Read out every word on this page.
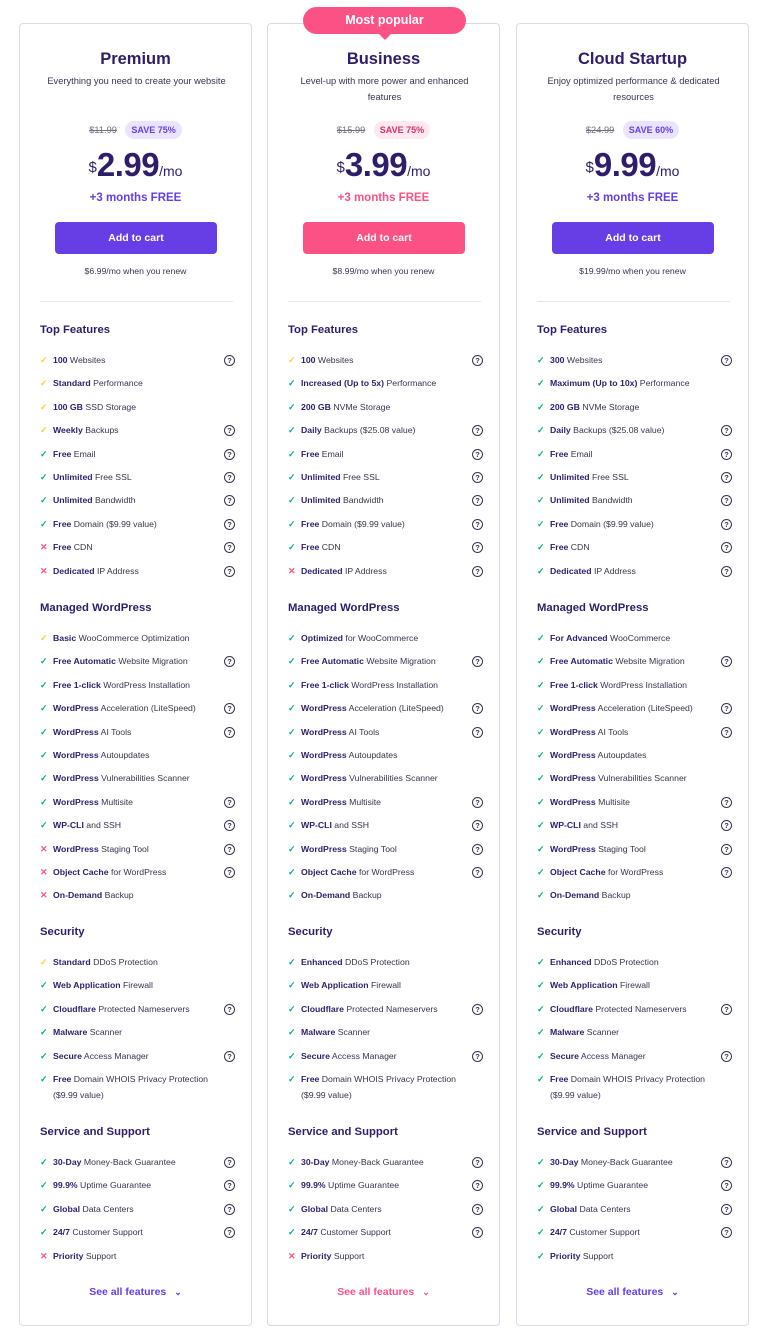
Premium
Everything you need to create your website
$11.99 SAVE 75%
$2.99/mo
+3 months FREE
Add to cart
$6.99/mo when you renew
See all features ⌄
Top Features
✓ 100 Websites	?
✓ Standard Performance
✓ 100 GB SSD Storage
✓ Weekly Backups	?
✓ Free Email	?
✓ Unlimited Free SSL	?
✓ Unlimited Bandwidth	?
✓ Free Domain ($9.99 value)	?
✕ Free CDN	?
✕ Dedicated IP Address	?
Managed WordPress
✓ Basic WooCommerce Optimization
✓ Free Automatic Website Migration	?
✓ Free 1-click WordPress Installation
✓ WordPress Acceleration (LiteSpeed)	?
✓ WordPress AI Tools	?
✓ WordPress Autoupdates
✓ WordPress Vulnerabilities Scanner
✓ WordPress Multisite	?
✓ WP-CLI and SSH	?
✕ WordPress Staging Tool	?
✕ Object Cache for WordPress	?
✕ On-Demand Backup
Security
✓ Standard DDoS Protection
✓ Web Application Firewall
✓ Cloudflare Protected Nameservers	?
✓ Malware Scanner
✓ Secure Access Manager	?
✓ Free Domain WHOIS Privacy Protection ($9.99 value)
Service and Support
✓ 30-Day Money-Back Guarantee	?
✓ 99.9% Uptime Guarantee	?
✓ Global Data Centers	?
✓ 24/7 Customer Support	?
✕ Priority Support
Business
Level-up with more power and enhanced features
$15.99 SAVE 75%
$3.99/mo
+3 months FREE
Add to cart
$8.99/mo when you renew
See all features ⌄
Top Features
✓ 100 Websites	?
✓ Increased (Up to 5x) Performance
✓ 200 GB NVMe Storage
✓ Daily Backups ($25.08 value)	?
✓ Free Email	?
✓ Unlimited Free SSL	?
✓ Unlimited Bandwidth	?
✓ Free Domain ($9.99 value)	?
✓ Free CDN	?
✕ Dedicated IP Address	?
Managed WordPress
✓ Optimized for WooCommerce
✓ Free Automatic Website Migration	?
✓ Free 1-click WordPress Installation
✓ WordPress Acceleration (LiteSpeed)	?
✓ WordPress AI Tools	?
✓ WordPress Autoupdates
✓ WordPress Vulnerabilities Scanner
✓ WordPress Multisite	?
✓ WP-CLI and SSH	?
✓ WordPress Staging Tool	?
✓ Object Cache for WordPress	?
✓ On-Demand Backup
Security
✓ Enhanced DDoS Protection
✓ Web Application Firewall
✓ Cloudflare Protected Nameservers	?
✓ Malware Scanner
✓ Secure Access Manager	?
✓ Free Domain WHOIS Privacy Protection ($9.99 value)
Service and Support
✓ 30-Day Money-Back Guarantee	?
✓ 99.9% Uptime Guarantee	?
✓ Global Data Centers	?
✓ 24/7 Customer Support	?
✕ Priority Support
Cloud Startup
Enjoy optimized performance & dedicated resources
$24.99 SAVE 60%
$9.99/mo
+3 months FREE
Add to cart
$19.99/mo when you renew
See all features ⌄
Top Features
✓ 300 Websites	?
✓ Maximum (Up to 10x) Performance
✓ 200 GB NVMe Storage
✓ Daily Backups ($25.08 value)	?
✓ Free Email	?
✓ Unlimited Free SSL	?
✓ Unlimited Bandwidth	?
✓ Free Domain ($9.99 value)	?
✓ Free CDN	?
✓ Dedicated IP Address	?
Managed WordPress
✓ For Advanced WooCommerce
✓ Free Automatic Website Migration	?
✓ Free 1-click WordPress Installation
✓ WordPress Acceleration (LiteSpeed)	?
✓ WordPress AI Tools	?
✓ WordPress Autoupdates
✓ WordPress Vulnerabilities Scanner
✓ WordPress Multisite	?
✓ WP-CLI and SSH	?
✓ WordPress Staging Tool	?
✓ Object Cache for WordPress	?
✓ On-Demand Backup
Security
✓ Enhanced DDoS Protection
✓ Web Application Firewall
✓ Cloudflare Protected Nameservers	?
✓ Malware Scanner
✓ Secure Access Manager	?
✓ Free Domain WHOIS Privacy Protection ($9.99 value)
Service and Support
✓ 30-Day Money-Back Guarantee	?
✓ 99.9% Uptime Guarantee	?
✓ Global Data Centers	?
✓ 24/7 Customer Support	?
✓ Priority Support
Most popular
